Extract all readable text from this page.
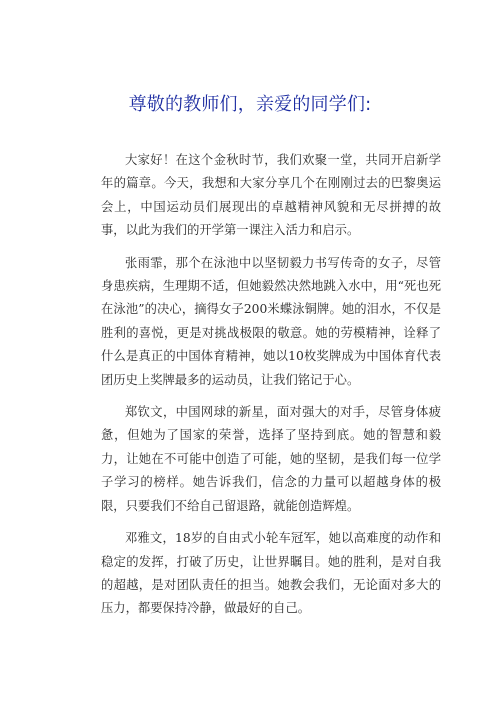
尊敬的教师们，亲爱的同学们:

大家好！在这个金秋时节，我们欢聚一堂，共同开启新学年的篇章。今天，我想和大家分享几个在刚刚过去的巴黎奥运会上，中国运动员们展现出的卓越精神风貌和无尽拼搏的故事，以此为我们的开学第一课注入活力和启示。

张雨霏，那个在泳池中以坚韧毅力书写传奇的女子，尽管身患疾病，生理期不适，但她毅然决然地跳入水中，用“死也死在泳池”的决心，摘得女子200米蝶泳铜牌。她的泪水，不仅是胜利的喜悦，更是对挑战极限的敬意。她的劳模精神，诠释了什么是真正的中国体育精神，她以10枚奖牌成为中国体育代表团历史上奖牌最多的运动员，让我们铭记于心。

郑钦文，中国网球的新星，面对强大的对手，尽管身体疲惫，但她为了国家的荣誉，选择了坚持到底。她的智慧和毅力，让她在不可能中创造了可能，她的坚韧，是我们每一位学子学习的榜样。她告诉我们，信念的力量可以超越身体的极限，只要我们不给自己留退路，就能创造辉煌。

邓雅文，18岁的自由式小轮车冠军，她以高难度的动作和稳定的发挥，打破了历史，让世界瞩目。她的胜利，是对自我的超越，是对团队责任的担当。她教会我们，无论面对多大的压力，都要保持冷静，做最好的自己。
